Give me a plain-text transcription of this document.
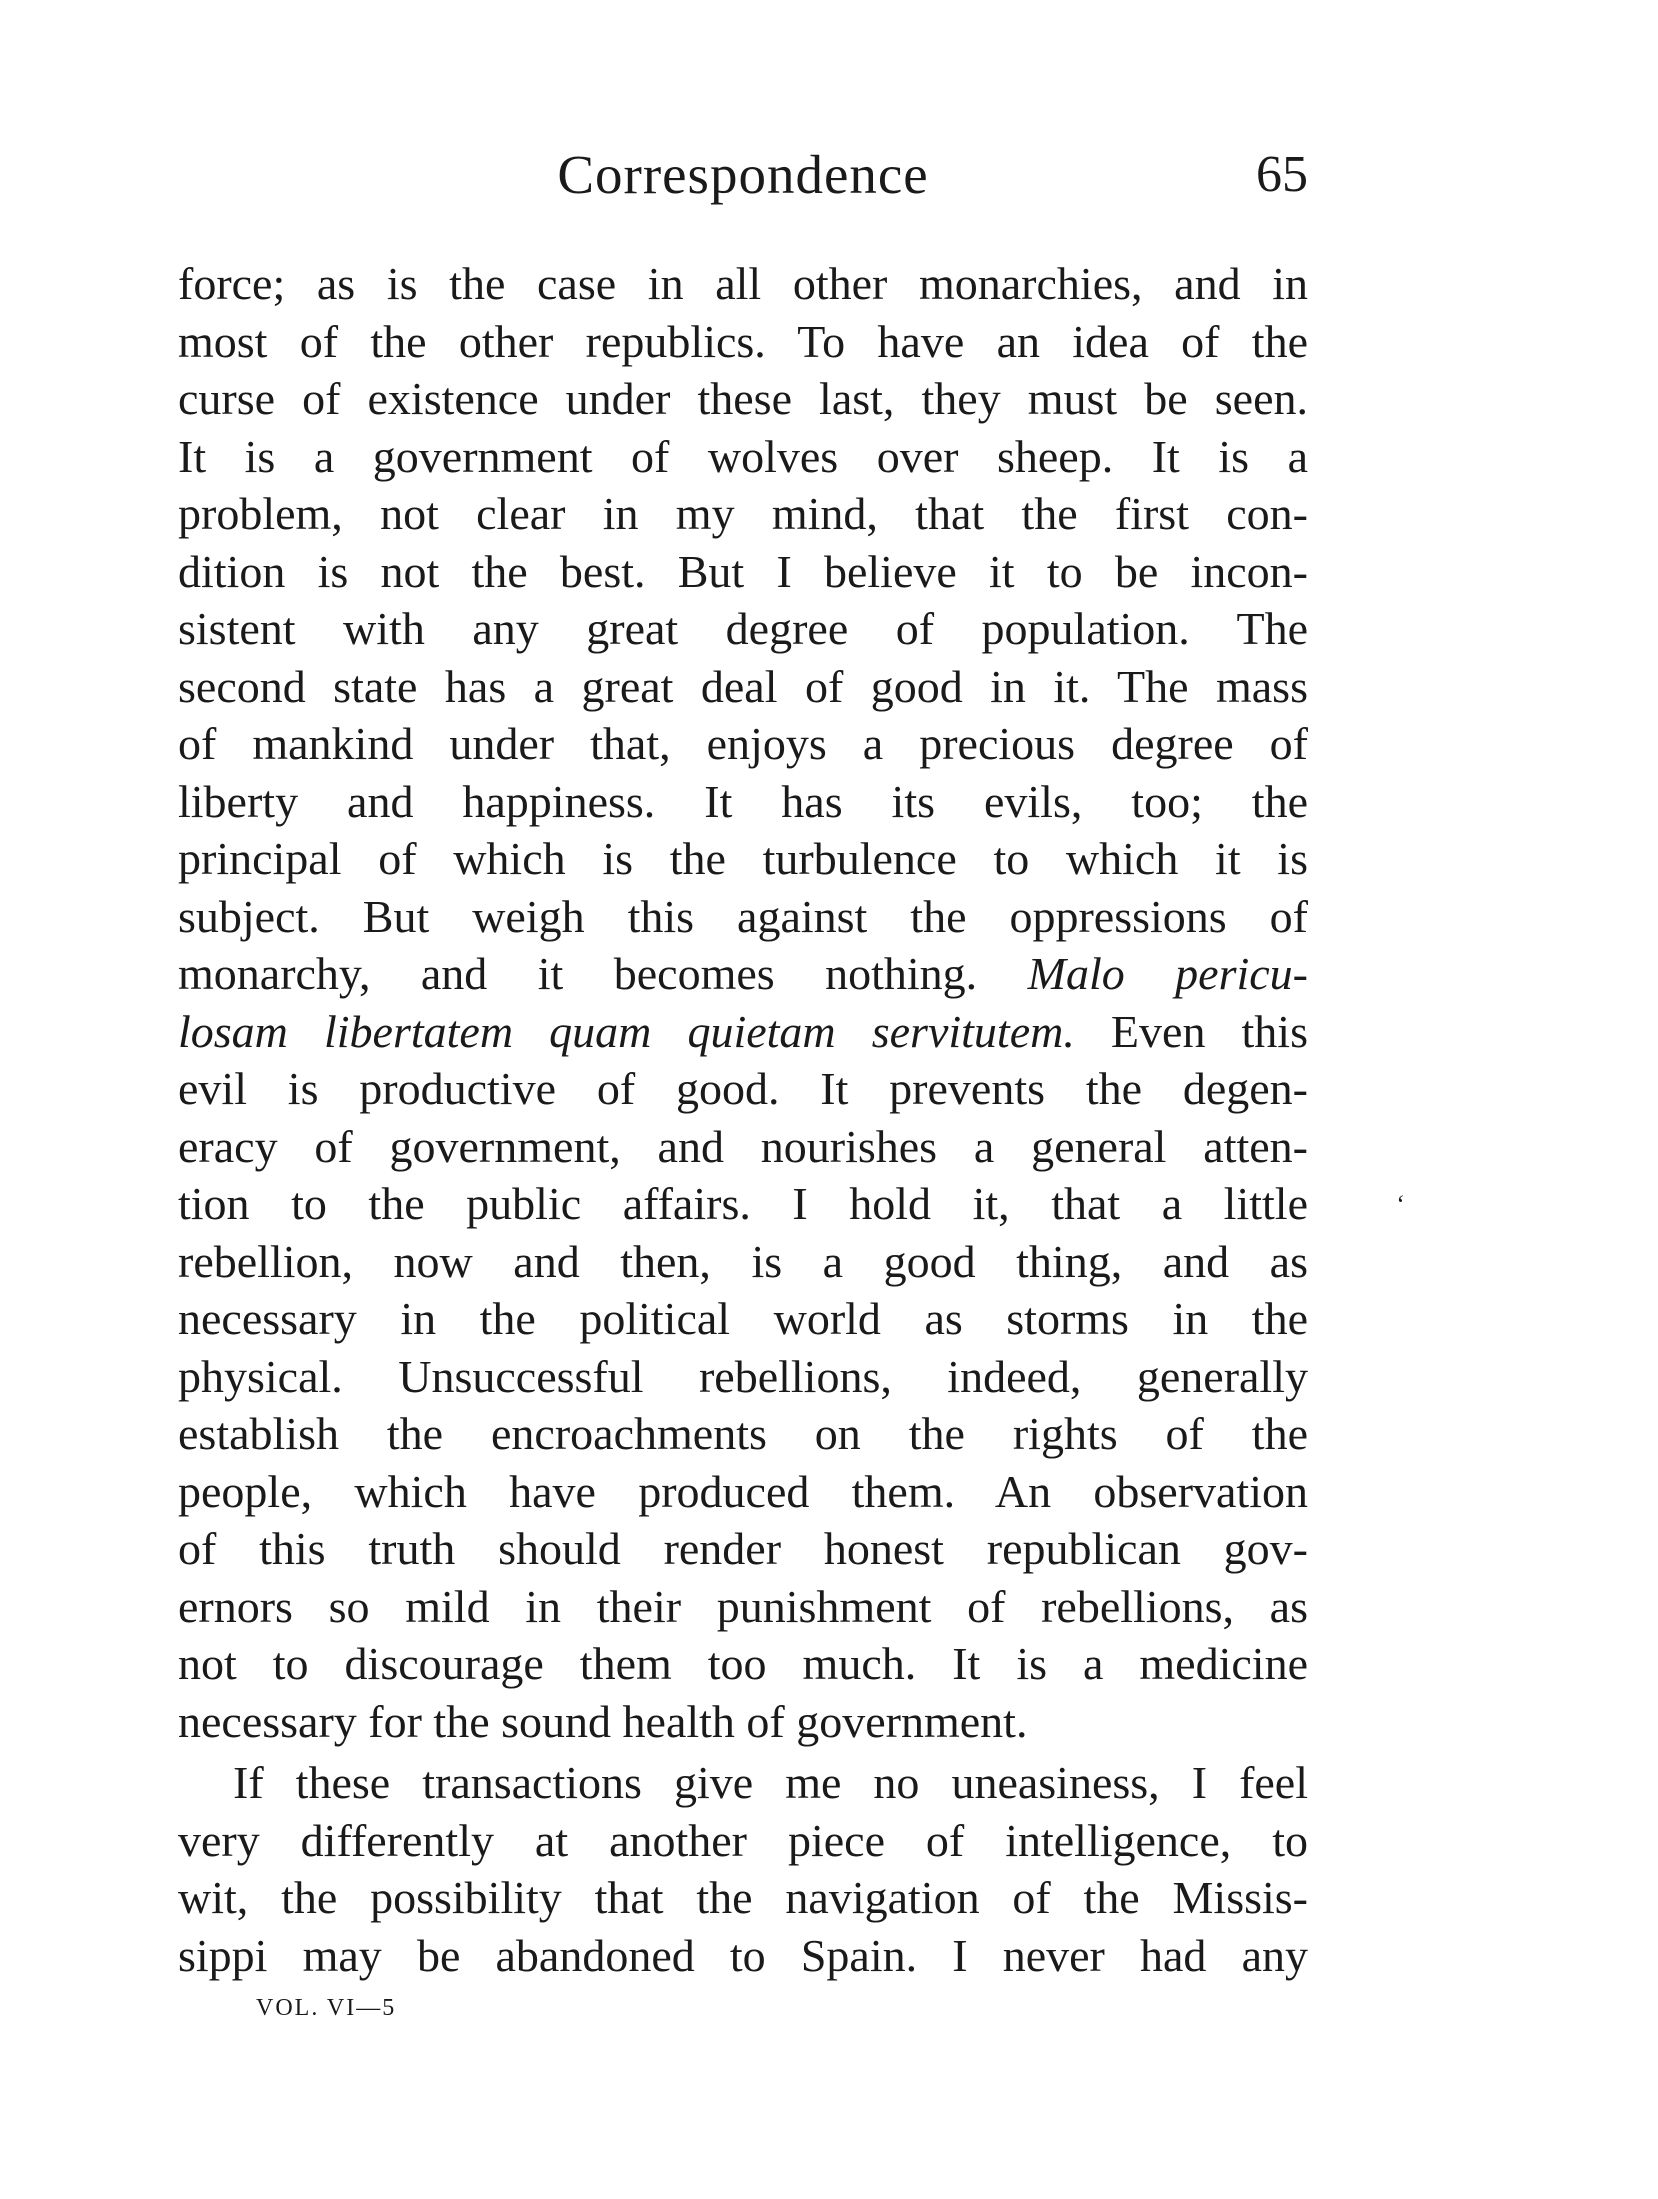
Correspondence	65
force; as is the case in all other monarchies, and in
most of the other republics. To have an idea of the
curse of existence under these last, they must be seen.
It is a government of wolves over sheep. It is a
problem, not clear in my mind, that the first con-
dition is not the best. But I believe it to be incon-
sistent with any great degree of population. The
second state has a great deal of good in it. The mass
of mankind under that, enjoys a precious degree of
liberty and happiness. It has its evils, too; the
principal of which is the turbulence to which it is
subject. But weigh this against the oppressions of
monarchy, and it becomes nothing. Malo pericu-
losam libertatem quam quietam servitutem. Even this
evil is productive of good. It prevents the degen-
eracy of government, and nourishes a general atten-
tion to the public affairs. I hold it, that a little
rebellion, now and then, is a good thing, and as
necessary in the political world as storms in the
physical. Unsuccessful rebellions, indeed, generally
establish the encroachments on the rights of the
people, which have produced them. An observation
of this truth should render honest republican gov-
ernors so mild in their punishment of rebellions, as
not to discourage them too much. It is a medicine
necessary for the sound health of government.
If these transactions give me no uneasiness, I feel
very differently at another piece of intelligence, to
wit, the possibility that the navigation of the Missis-
sippi may be abandoned to Spain. I never had any
‘
VOL. VI—5
